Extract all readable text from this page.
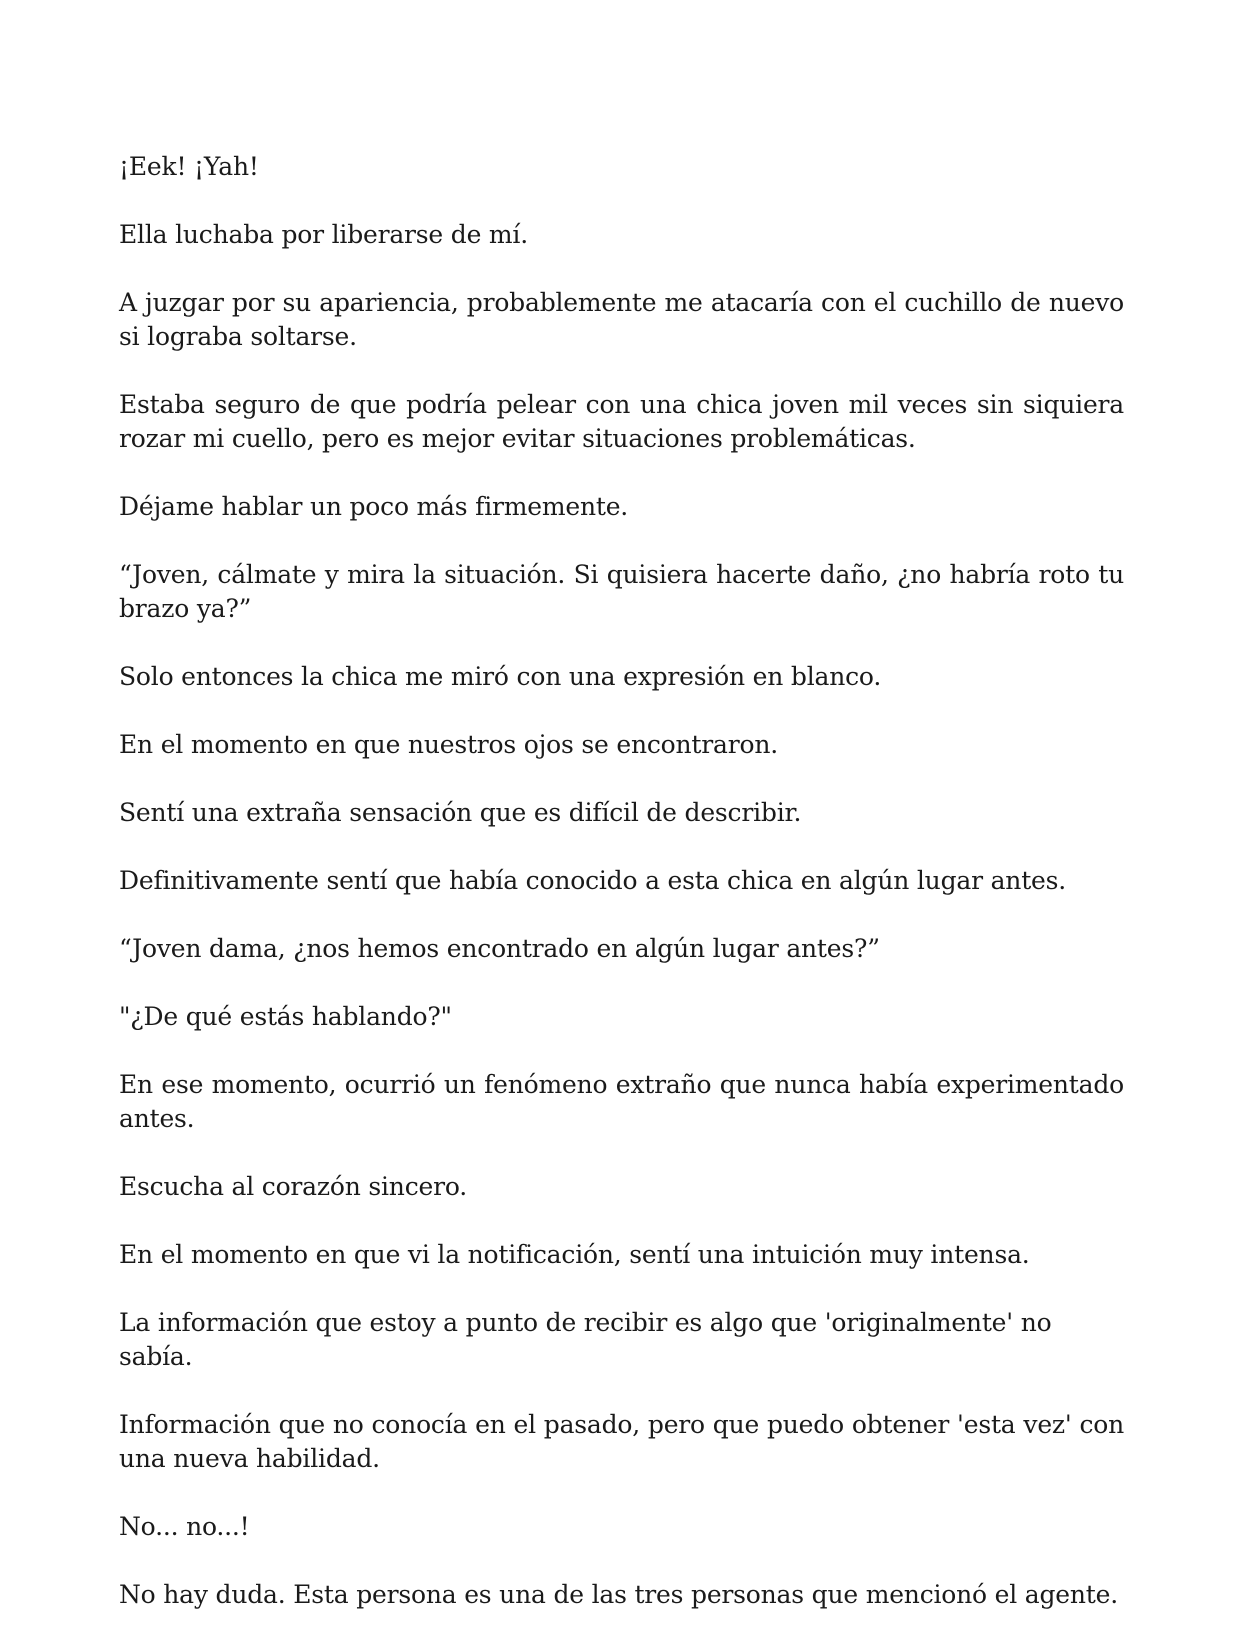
¡Eek! ¡Yah!

Ella luchaba por liberarse de mí.

A juzgar por su apariencia, probablemente me atacaría con el cuchillo de nuevo si lograba soltarse.

Estaba seguro de que podría pelear con una chica joven mil veces sin siquiera rozar mi cuello, pero es mejor evitar situaciones problemáticas.

Déjame hablar un poco más firmemente.

“Joven, cálmate y mira la situación. Si quisiera hacerte daño, ¿no habría roto tu brazo ya?”

Solo entonces la chica me miró con una expresión en blanco.

En el momento en que nuestros ojos se encontraron.

Sentí una extraña sensación que es difícil de describir.

Definitivamente sentí que había conocido a esta chica en algún lugar antes.

“Joven dama, ¿nos hemos encontrado en algún lugar antes?”

"¿De qué estás hablando?"

En ese momento, ocurrió un fenómeno extraño que nunca había experimentado antes.

Escucha al corazón sincero.

En el momento en que vi la notificación, sentí una intuición muy intensa.

La información que estoy a punto de recibir es algo que 'originalmente' no sabía.

Información que no conocía en el pasado, pero que puedo obtener 'esta vez' con una nueva habilidad.

No... no...!

No hay duda. Esta persona es una de las tres personas que mencionó el agente.
